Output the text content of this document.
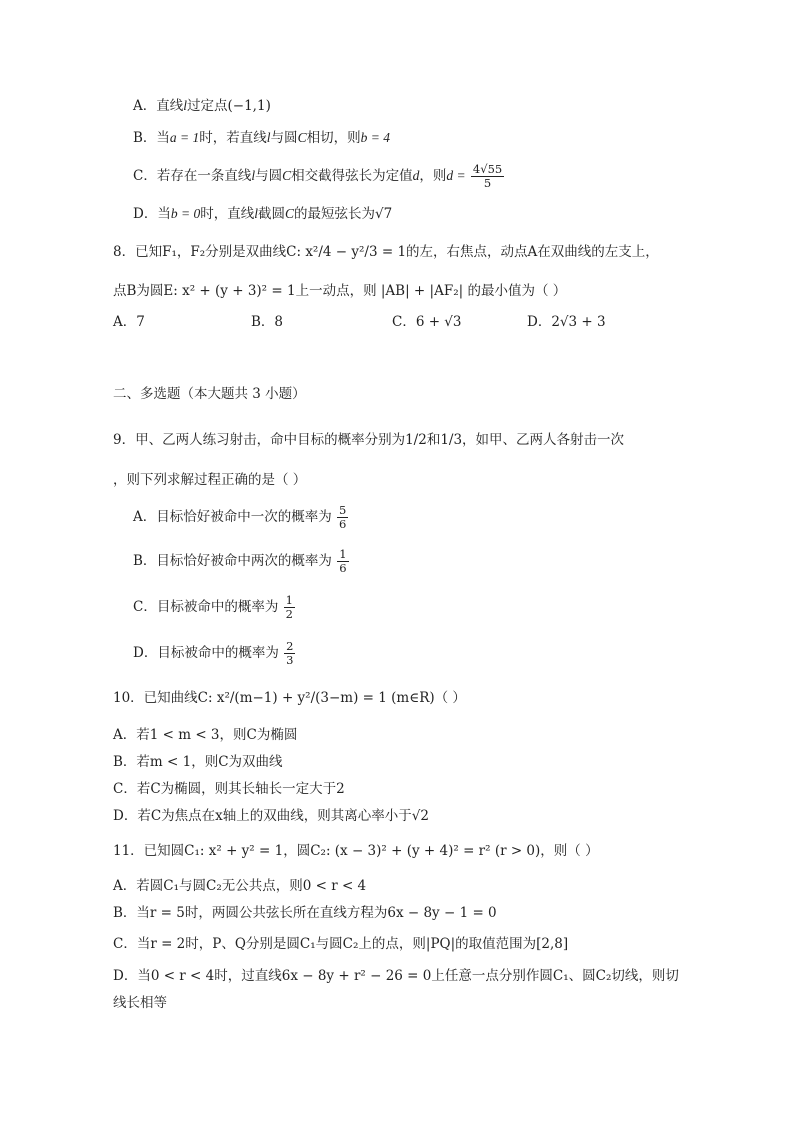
A．直线l过定点(−1,1)
B．当a = 1时，若直线l与圆C相切，则b = 4
C．若存在一条直线l与圆C相交截得弦长为定值d，则$d = \frac{4√55}{5}$
D．当b = 0时，直线l截圆C的最短弦长为√7
8．已知F₁，F₂分别是双曲线C: x²/4 − y²/3 = 1的左，右焦点，动点A在双曲线的左支上，
点B为圆E: x² + (y + 3)² = 1上一动点，则 |AB| + |AF₂| 的最小值为（ ）
A．7	B．8	C．6 + √3	D．2√3 + 3
二、多选题（本大题共 3 小题）
9．甲、乙两人练习射击，命中目标的概率分别为1/2和1/3，如甲、乙两人各射击一次
，则下列求解过程正确的是（ ）
A．目标恰好被命中一次的概率为 $\frac{5}{6}$
B．目标恰好被命中两次的概率为 $\frac{1}{6}$
C．目标被命中的概率为 $\frac{1}{2}$
D．目标被命中的概率为 $\frac{2}{3}$
10．已知曲线C: x²/(m−1) + y²/(3−m) = 1 (m∈R)（ ）
A．若1 < m < 3，则C为椭圆
B．若m < 1，则C为双曲线
C．若C为椭圆，则其长轴长一定大于2
D．若C为焦点在x轴上的双曲线，则其离心率小于√2
11．已知圆C₁: x² + y² = 1，圆C₂: (x − 3)² + (y + 4)² = r² (r > 0)，则（ ）
A．若圆C₁与圆C₂无公共点，则0 < r < 4
B．当r = 5时，两圆公共弦长所在直线方程为6x − 8y − 1 = 0
C．当r = 2时，P、Q分别是圆C₁与圆C₂上的点，则|PQ|的取值范围为[2,8]
D．当0 < r < 4时，过直线6x − 8y + r² − 26 = 0上任意一点分别作圆C₁、圆C₂切线，则切
线长相等
